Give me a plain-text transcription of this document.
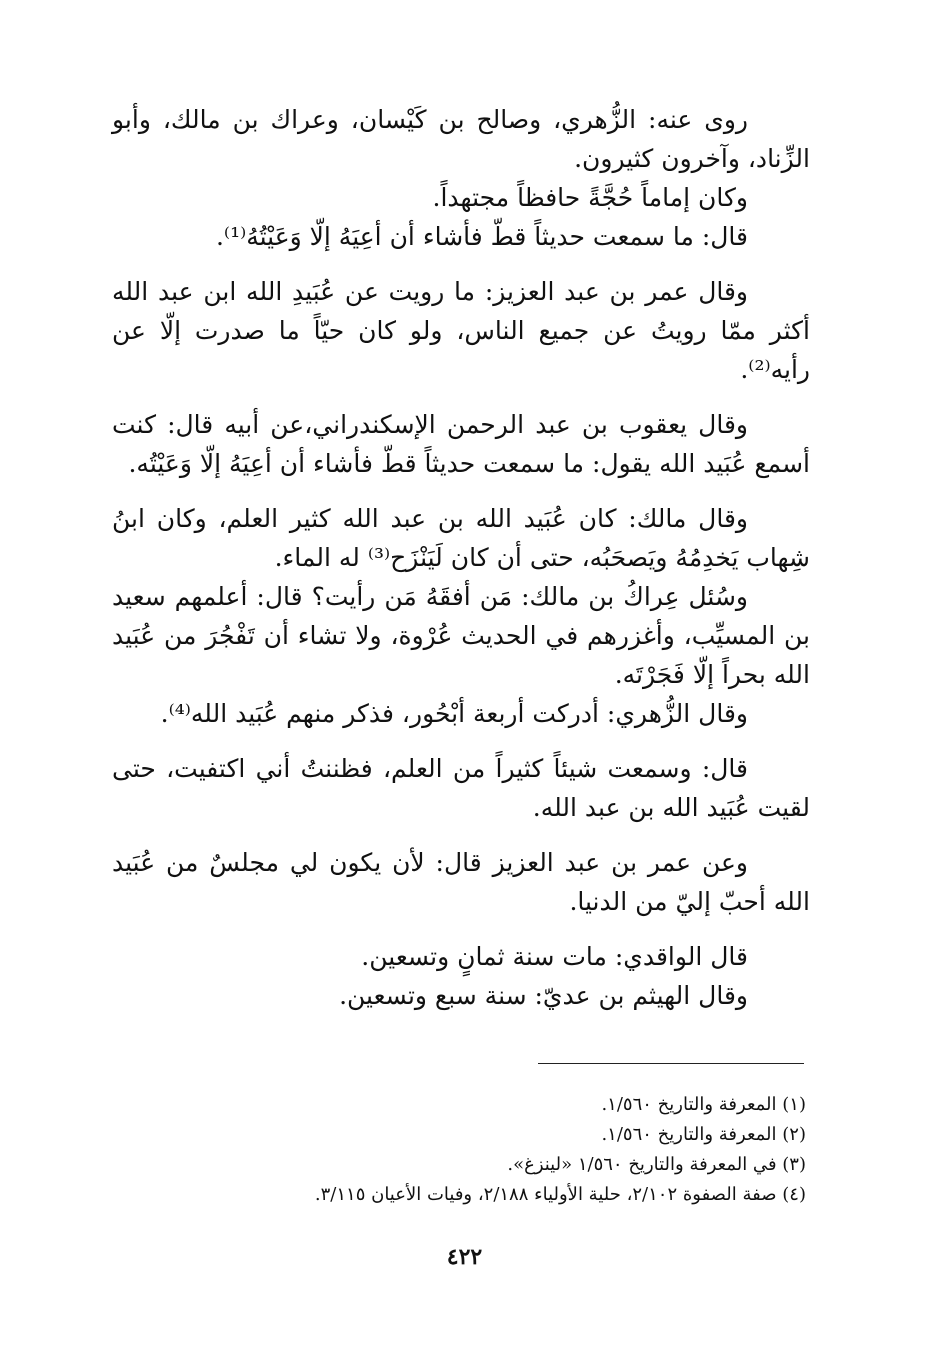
روى عنه: الزُّهري، وصالح بن كَيْسان، وعراك بن مالك، وأبو الزِّناد، وآخرون كثيرون.

وكان إماماً حُجَّةً حافظاً مجتهداً.

قال: ما سمعت حديثاً قطّ فأشاء أن أعِيَهُ إلّا وَعَيْتُهُ⁽¹⁾.

وقال عمر بن عبد العزيز: ما رويت عن عُبَيدِ الله ابن عبد الله أكثر ممّا رويتُ عن جميع الناس، ولو كان حيّاً ما صدرت إلّا عن رأيه⁽²⁾.

وقال يعقوب بن عبد الرحمن الإسكندراني،عن أبيه قال: كنت أسمع عُبَيد الله يقول: ما سمعت حديثاً قطّ فأشاء أن أعِيَهُ إلّا وَعَيْتُه.

وقال مالك: كان عُبَيد الله بن عبد الله كثير العلم، وكان ابنُ شِهاب يَخدِمُهُ ويَصحَبُه، حتى أن كان لَيَنْزَح⁽³⁾ له الماء.

وسُئل عِراكُ بن مالك: مَن أفقَهُ مَن رأيت؟ قال: أعلمهم سعيد بن المسيِّب، وأغزرهم في الحديث عُرْوة، ولا تشاء أن تَفْجُرَ من عُبَيد الله بحراً إلّا فَجَرْتَه.

وقال الزُّهري: أدركت أربعة أبْحُور، فذكر منهم عُبَيد الله⁽⁴⁾.

قال: وسمعت شيئاً كثيراً من العلم، فظننتُ أني اكتفيت، حتى لقيت عُبَيد الله بن عبد الله.

وعن عمر بن عبد العزيز قال: لأن يكون لي مجلسٌ من عُبَيد الله أحبّ إليّ من الدنيا.

قال الواقدي: مات سنة ثمانٍ وتسعين.

وقال الهيثم بن عديّ: سنة سبع وتسعين.

(١) المعرفة والتاريخ ١/٥٦٠.

(٢) المعرفة والتاريخ ١/٥٦٠.

(٣) في المعرفة والتاريخ ١/٥٦٠ «لينزغ».

(٤) صفة الصفوة ٢/١٠٢، حلية الأولياء ٢/١٨٨، وفيات الأعيان ٣/١١٥.

٤٢٢
